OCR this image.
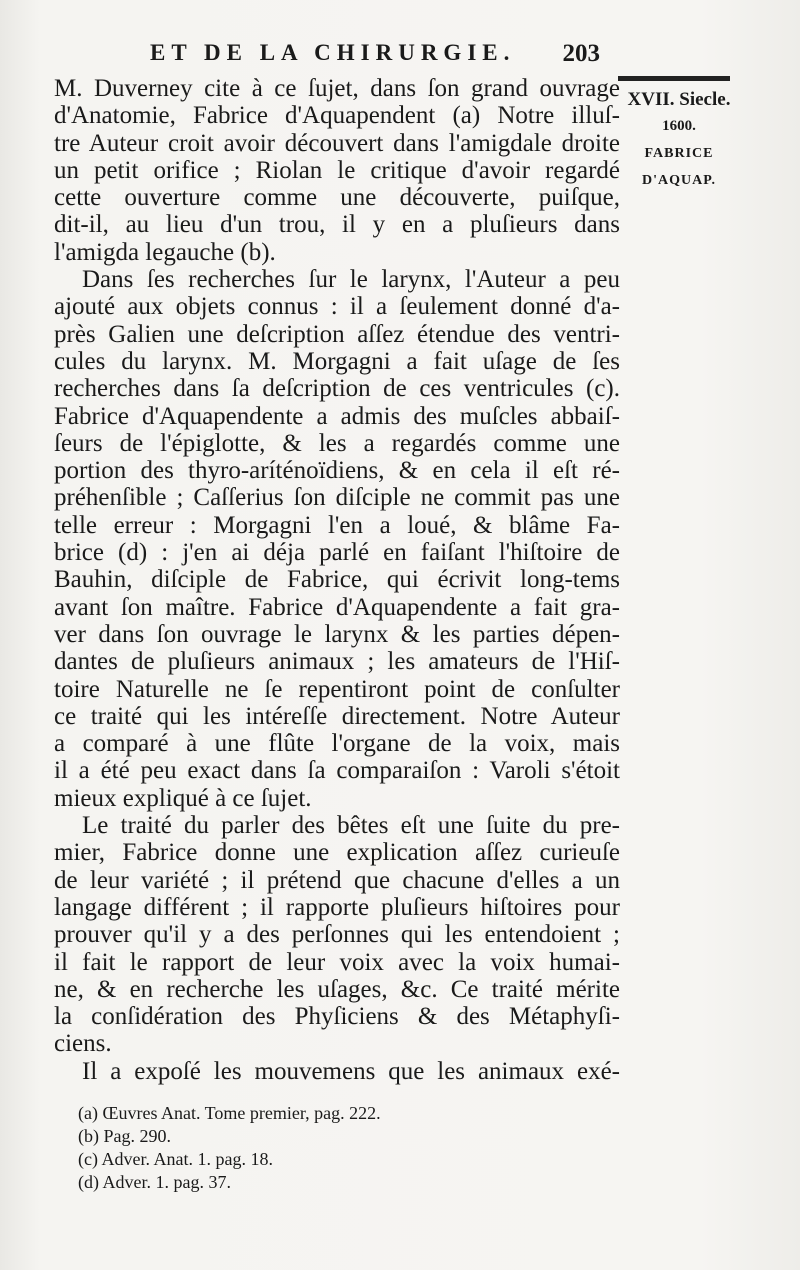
ET DE LA CHIRURGIE. 203
XVII. Siecle.
1600.
FABRICE
D'AQUAP.
M. Duverney cite à ce ſujet, dans ſon grand ouvrage
d'Anatomie, Fabrice d'Aquapendent (a) Notre illuſ-
tre Auteur croit avoir découvert dans l'amigdale droite
un petit orifice ; Riolan le critique d'avoir regardé
cette ouverture comme une découverte, puiſque,
dit-il, au lieu d'un trou, il y en a pluſieurs dans
l'amigda legauche (b).
Dans ſes recherches ſur le larynx, l'Auteur a peu
ajouté aux objets connus : il a ſeulement donné d'a-
près Galien une deſcription aſſez étendue des ventri-
cules du larynx. M. Morgagni a fait uſage de ſes
recherches dans ſa deſcription de ces ventricules (c).
Fabrice d'Aquapendente a admis des muſcles abbaiſ-
ſeurs de l'épiglotte, & les a regardés comme une
portion des thyro-aríténoïdiens, & en cela il eſt ré-
préhenſible ; Caſſerius ſon diſciple ne commit pas une
telle erreur : Morgagni l'en a loué, & blâme Fa-
brice (d) : j'en ai déja parlé en faiſant l'hiſtoire de
Bauhin, diſciple de Fabrice, qui écrivit long-tems
avant ſon maître. Fabrice d'Aquapendente a fait gra-
ver dans ſon ouvrage le larynx & les parties dépen-
dantes de pluſieurs animaux ; les amateurs de l'Hiſ-
toire Naturelle ne ſe repentiront point de conſulter
ce traité qui les intéreſſe directement. Notre Auteur
a comparé à une flûte l'organe de la voix, mais
il a été peu exact dans ſa comparaiſon : Varoli s'étoit
mieux expliqué à ce ſujet.
Le traité du parler des bêtes eſt une ſuite du pre-
mier, Fabrice donne une explication aſſez curieuſe
de leur variété ; il prétend que chacune d'elles a un
langage différent ; il rapporte pluſieurs hiſtoires pour
prouver qu'il y a des perſonnes qui les entendoient ;
il fait le rapport de leur voix avec la voix humai-
ne, & en recherche les uſages, &c. Ce traité mérite
la conſidération des Phyſiciens & des Métaphyſi-
ciens.
Il a expoſé les mouvemens que les animaux exé-
(a) Œuvres Anat. Tome premier, pag. 222.
(b) Pag. 290.
(c) Adver. Anat. 1. pag. 18.
(d) Adver. 1. pag. 37.
